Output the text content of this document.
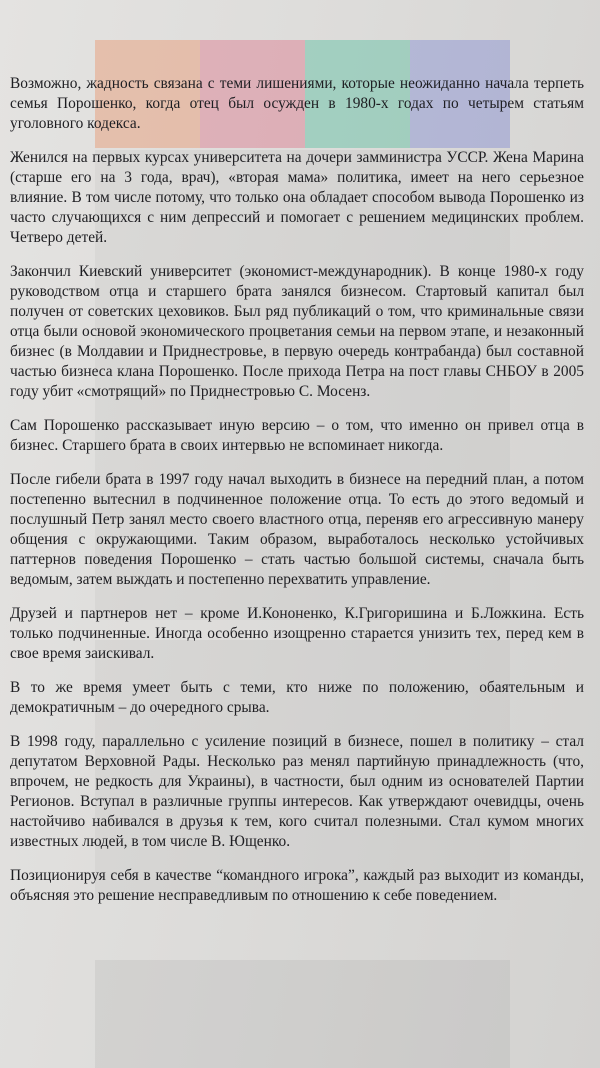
Возможно, жадность связана с теми лишениями, которые неожиданно начала терпеть семья Порошенко, когда отец был осужден в 1980-х годах по четырем статьям уголовного кодекса.

Женился на первых курсах университета на дочери замминистра УССР. Жена Марина (старше его на 3 года, врач), «вторая мама» политика, имеет на него серьезное влияние. В том числе потому, что только она обладает способом вывода Порошенко из часто случающихся с ним депрессий и помогает с решением медицинских проблем. Четверо детей.

Закончил Киевский университет (экономист-международник). В конце 1980-х году руководством отца и старшего брата занялся бизнесом. Стартовый капитал был получен от советских цеховиков. Был ряд публикаций о том, что криминальные связи отца были основой экономического процветания семьи на первом этапе, и незаконный бизнес (в Молдавии и Приднестровье, в первую очередь контрабанда) был составной частью бизнеса клана Порошенко. После прихода Петра на пост главы СНБОУ в 2005 году убит «смотрящий» по Приднестровью С. Мосенз.

Сам Порошенко рассказывает иную версию – о том, что именно он привел отца в бизнес. Старшего брата в своих интервью не вспоминает никогда.

После гибели брата в 1997 году начал выходить в бизнесе на передний план, а потом постепенно вытеснил в подчиненное положение отца. То есть до этого ведомый и послушный Петр занял место своего властного отца, переняв его агрессивную манеру общения с окружающими. Таким образом, выработалось несколько устойчивых паттернов поведения Порошенко – стать частью большой системы, сначала быть ведомым, затем выждать и постепенно перехватить управление.

Друзей и партнеров нет – кроме И.Кононенко, К.Григоришина и Б.Ложкина. Есть только подчиненные. Иногда особенно изощренно старается унизить тех, перед кем в свое время заискивал.

В то же время умеет быть с теми, кто ниже по положению, обаятельным и демократичным – до очередного срыва.

В 1998 году, параллельно с усиление позиций в бизнесе, пошел в политику – стал депутатом Верховной Рады. Несколько раз менял партийную принадлежность (что, впрочем, не редкость для Украины), в частности, был одним из основателей Партии Регионов. Вступал в различные группы интересов. Как утверждают очевидцы, очень настойчиво набивался в друзья к тем, кого считал полезными. Стал кумом многих известных людей, в том числе В. Ющенко.

Позиционируя себя в качестве “командного игрока”, каждый раз выходит из команды, объясняя это решение несправедливым по отношению к себе поведением.
